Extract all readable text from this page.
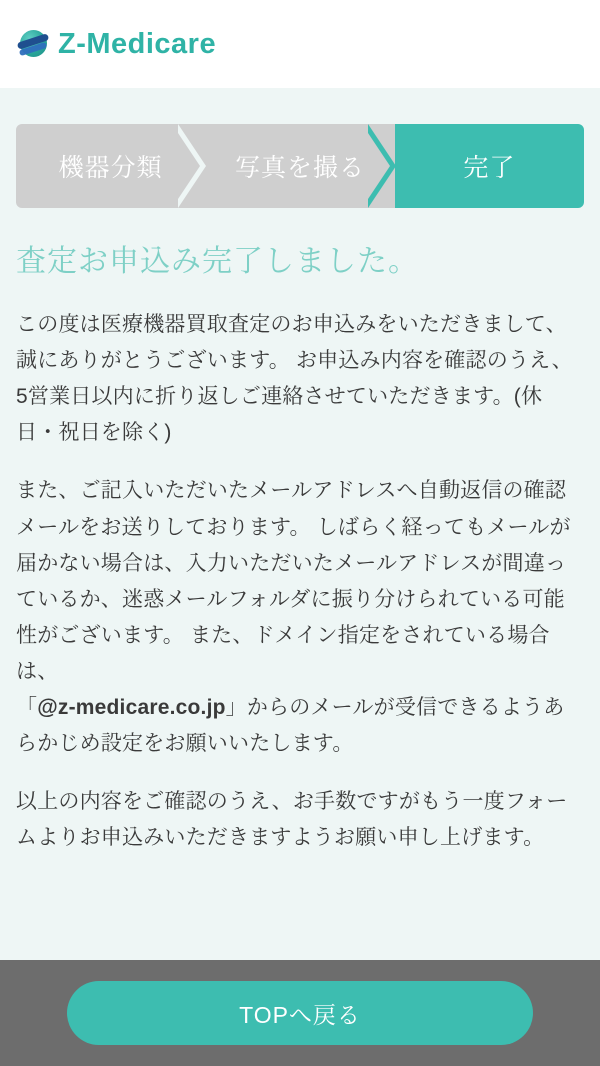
Z-Medicare
機器分類	写真を撮る	完了
査定お申込み完了しました。

この度は医療機器買取査定のお申込みをいただきまして、誠にありがとうございます。 お申込み内容を確認のうえ、5営業日以内に折り返しご連絡させていただきます。(休日・祝日を除く)

また、ご記入いただいたメールアドレスへ自動返信の確認メールをお送りしております。 しばらく経ってもメールが届かない場合は、入力いただいたメールアドレスが間違っているか、迷惑メールフォルダに振り分けられている可能性がございます。 また、ドメイン指定をされている場合は、
「@z-medicare.co.jp」からのメールが受信できるようあらかじめ設定をお願いいたします。

以上の内容をご確認のうえ、お手数ですがもう一度フォームよりお申込みいただきますようお願い申し上げます。

TOPへ戻る
